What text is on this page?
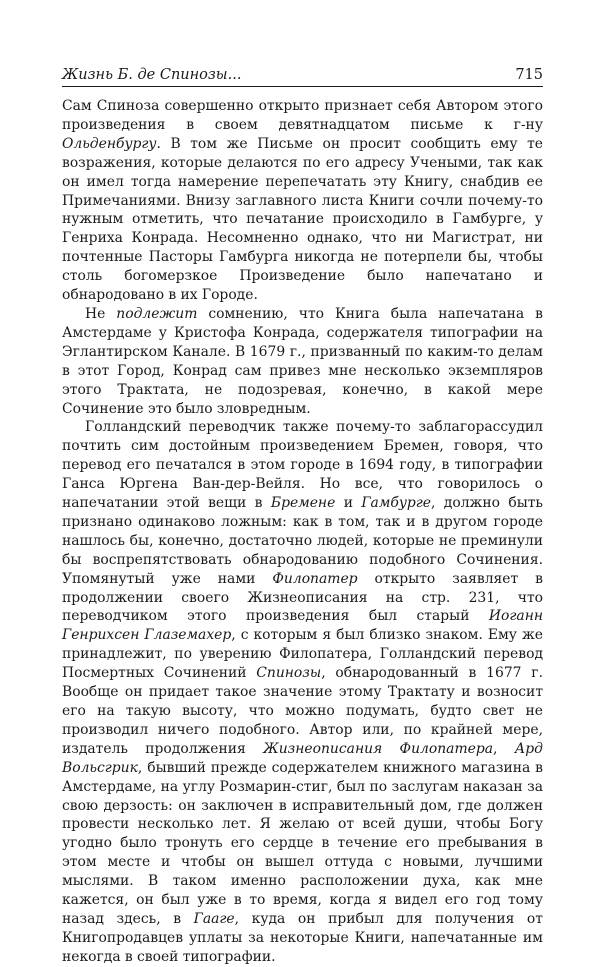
Жизнь Б. де Спинозы...	715

Сам Спиноза совершенно открыто признает себя Автором этого произведения в своем девятнадцатом письме к г-ну Ольденбургу. В том же Письме он просит сообщить ему те возражения, которые делаются по его адресу Учеными, так как он имел тогда намерение перепечатать эту Книгу, снабдив ее Примечаниями. Внизу заглавного листа Книги сочли почему-то нужным отметить, что печатание происходило в Гамбурге, у Генриха Конрада. Несомненно однако, что ни Магистрат, ни почтенные Пасторы Гамбурга никогда не потерпели бы, чтобы столь богомерзкое Произведение было напечатано и обнародовано в их Городе.

Не подлежит сомнению, что Книга была напечатана в Амстердаме у Кристофа Конрада, содержателя типографии на Эглантирском Канале. В 1679 г., призванный по каким-то делам в этот Город, Конрад сам привез мне несколько экземпляров этого Трактата, не подозревая, конечно, в какой мере Сочинение это было зловредным.

Голландский переводчик также почему-то заблагорассудил почтить сим достойным произведением Бремен, говоря, что перевод его печатался в этом городе в 1694 году, в типографии Ганса Юргена Ван-дер-Вейля. Но все, что говорилось о напечатании этой вещи в Бремене и Гамбурге, должно быть признано одинаково ложным: как в том, так и в другом городе нашлось бы, конечно, достаточно людей, которые не преминули бы воспрепятствовать обнародованию подобного Сочинения. Упомянутый уже нами Филопатер открыто заявляет в продолжении своего Жизнеописания на стр. 231, что переводчиком этого произведения был старый Иоганн Генрихсен Глаземахер, с которым я был близко знаком. Ему же принадлежит, по уверению Филопатера, Голландский перевод Посмертных Сочинений Спинозы, обнародованный в 1677 г. Вообще он придает такое значение этому Трактату и возносит его на такую высоту, что можно подумать, будто свет не производил ничего подобного. Автор или, по крайней мере, издатель продолжения Жизнеописания Филопатера, Ард Вольсгрик, бывший прежде содержателем книжного магазина в Амстердаме, на углу Розмарин-стиг, был по заслугам наказан за свою дерзость: он заключен в исправительный дом, где должен провести несколько лет. Я желаю от всей души, чтобы Богу угодно было тронуть его сердце в течение его пребывания в этом месте и чтобы он вышел оттуда с новыми, лучшими мыслями. В таком именно расположении духа, как мне кажется, он был уже в то время, когда я видел его год тому назад здесь, в Гааге, куда он прибыл для получения от Книгопродавцев уплаты за некоторые Книги, напечатанные им некогда в своей типографии.
